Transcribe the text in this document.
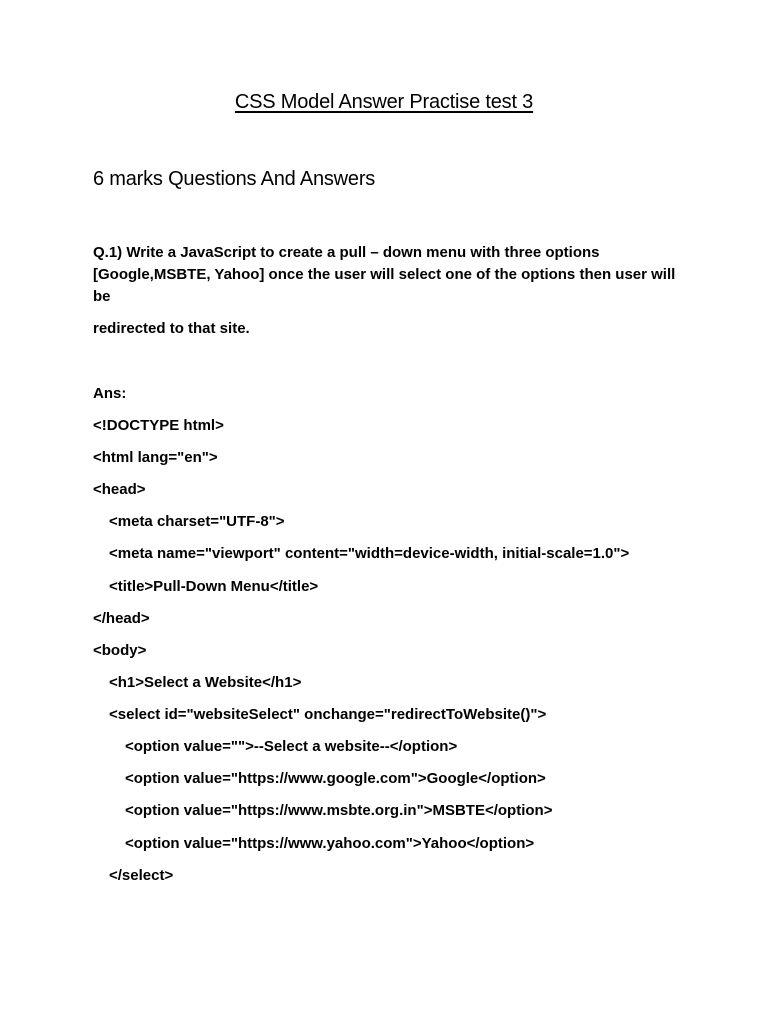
CSS Model Answer Practise test 3
6 marks Questions And Answers

Q.1) Write a JavaScript to create a pull – down menu with three options [Google,MSBTE, Yahoo] once the user will select one of the options then user will be

redirected to that site.

Ans:

<!DOCTYPE html>

<html lang="en">

<head>

<meta charset="UTF-8">

<meta name="viewport" content="width=device-width, initial-scale=1.0">

<title>Pull-Down Menu</title>

</head>

<body>

<h1>Select a Website</h1>

<select id="websiteSelect" onchange="redirectToWebsite()">

<option value="">--Select a website--</option>

<option value="https://www.google.com">Google</option>

<option value="https://www.msbte.org.in">MSBTE</option>

<option value="https://www.yahoo.com">Yahoo</option>

</select>
